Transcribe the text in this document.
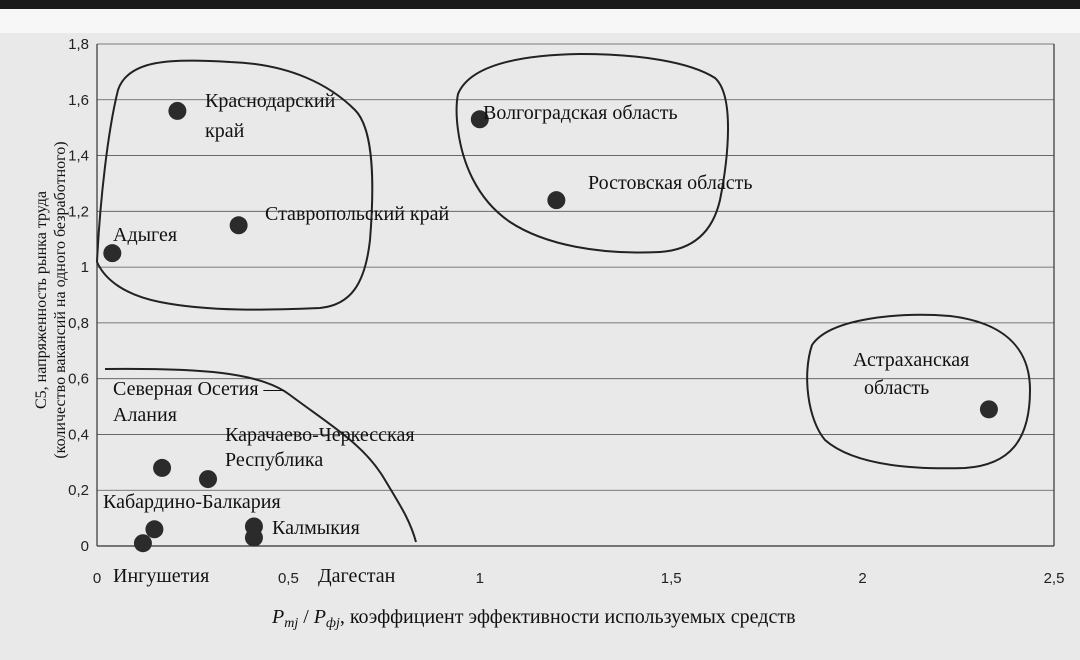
0
0,2
0,4
0,6
0,8
1
1,2
1,4
1,6
1,8
0	0,5	1	1,5	2	2,5
Краснодарский край
Адыгея
Ставропольский край
Волгоградская область
Ростовская область
Астраханская область
Северная Осетия — Алания
Карачаево-Черкесская Республика
Кабардино-Балкария
Калмыкия
Ингушетия	Дагестан
C5, напряженность рынка труда (количество вакансий на одного безработного)
$P_{mj} / P_{фj}$, коэффициент эффективности используемых средств
